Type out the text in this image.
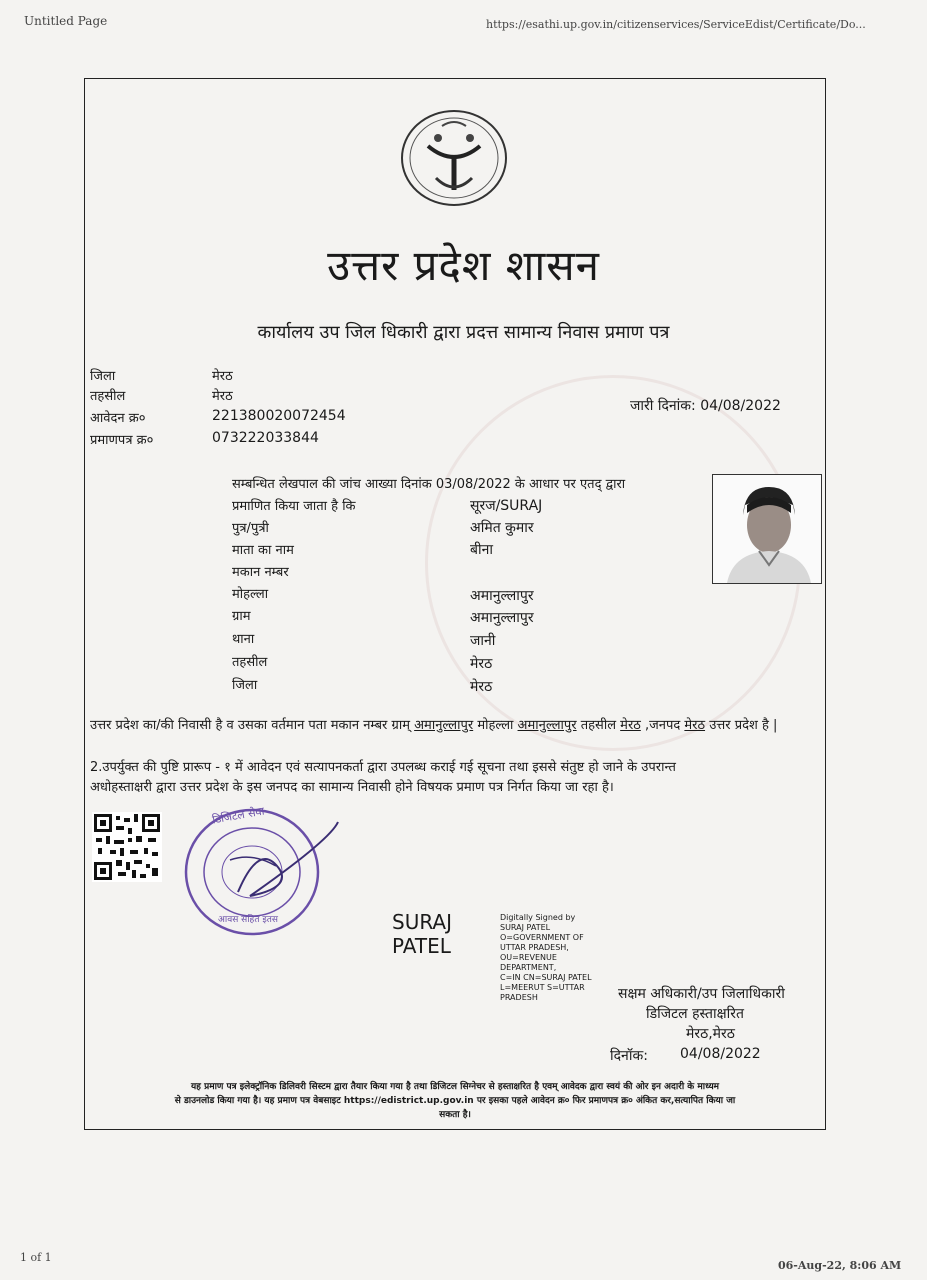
Untitled Page	https://esathi.up.gov.in/citizenservices/ServiceEdist/Certificate/Do...
1 of 1
06-Aug-22, 8:06 AM
उत्तर प्रदेश शासन
कार्यालय उप जिल धिकारी द्वारा प्रदत्त सामान्य निवास प्रमाण पत्र
जिला	मेरठ
तहसील	मेरठ
आवेदन क्र०	221380020072454
प्रमाणपत्र क्र०	073222033844
जारी दिनांक: 04/08/2022
सम्बन्धित लेखपाल की जांच आख्या दिनांक 03/08/2022 के आधार पर एतद् द्वारा
प्रमाणित किया जाता है कि	सूरज/SURAJ
पुत्र/पुत्री	अमित कुमार
माता का नाम	बीना
मकान नम्बर
मोहल्ला	अमानुल्लापुर
ग्राम	अमानुल्लापुर
थाना	जानी
तहसील	मेरठ
जिला	मेरठ
उत्तर प्रदेश का/की निवासी है व उसका वर्तमान पता मकान नम्बर ग्राम् अमानुल्लापुर मोहल्ला अमानुल्लापुर तहसील मेरठ ,जनपद मेरठ उत्तर प्रदेश है |
2.उपर्युक्त की पुष्टि प्रारूप - १ में आवेदन एवं सत्यापनकर्ता द्वारा उपलब्ध कराई गई सूचना तथा इससे संतुष्ट हो जाने के उपरान्त
अधोहस्ताक्षरी द्वारा उत्तर प्रदेश के इस जनपद का सामान्य निवासी होने विषयक प्रमाण पत्र निर्गत किया जा रहा है।
डिजिटल सेवा
आवस सहित इतस	SURAJ
PATEL
Digitally Signed by
SURAJ PATEL
O=GOVERNMENT OF
UTTAR PRADESH,
OU=REVENUE
DEPARTMENT,
C=IN CN=SURAJ PATEL
L=MEERUT S=UTTAR
PRADESH	सक्षम अधिकारी/उप जिलाधिकारी
डिजिटल हस्ताक्षरित
मेरठ,मेरठ
दिनॉक: 04/08/2022
यह प्रमाण पत्र इलेक्ट्रॉनिक डिलिवरी सिस्टम द्वारा तैयार किया गया है तथा डिजिटल सिग्नेचर से हस्ताक्षरित है एवम् आवेदक द्वारा स्वयं की ओर इन अदारी के माध्यम
से डाउनलोड किया गया है। यह प्रमाण पत्र वेबसाइट https://edistrict.up.gov.in पर इसका पहले आवेदन क्र० फिर प्रमाणपत्र क्र० अंकित कर,सत्यापित किया जा
सकता है।
